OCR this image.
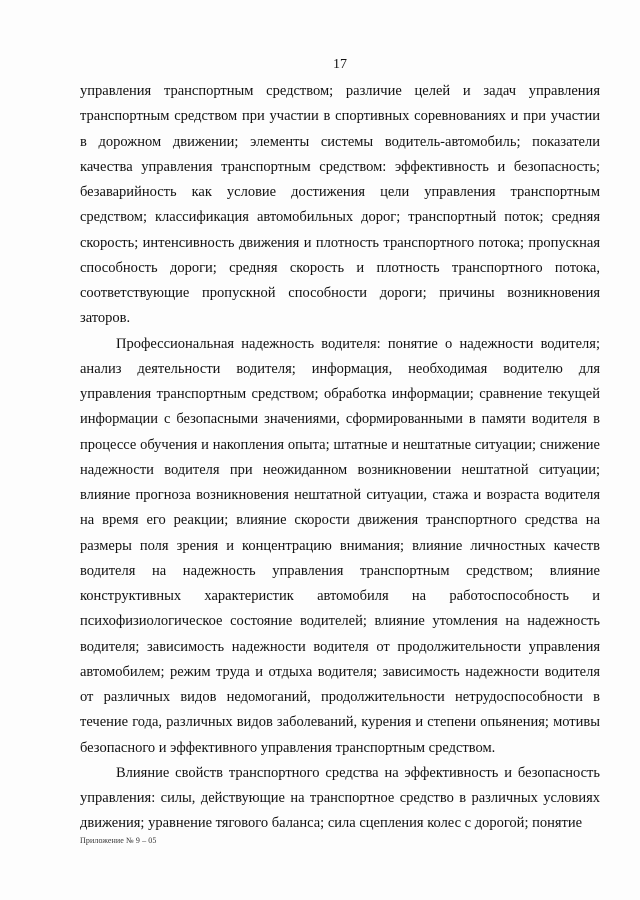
17

управления транспортным средством; различие целей и задач управления транспортным средством при участии в спортивных соревнованиях и при участии в дорожном движении; элементы системы водитель-автомобиль; показатели качества управления транспортным средством: эффективность и безопасность; безаварийность как условие достижения цели управления транспортным средством; классификация автомобильных дорог; транспортный поток; средняя скорость; интенсивность движения и плотность транспортного потока; пропускная способность дороги; средняя скорость и плотность транспортного потока, соответствующие пропускной способности дороги; причины возникновения заторов.

Профессиональная надежность водителя: понятие о надежности водителя; анализ деятельности водителя; информация, необходимая водителю для управления транспортным средством; обработка информации; сравнение текущей информации с безопасными значениями, сформированными в памяти водителя в процессе обучения и накопления опыта; штатные и нештатные ситуации; снижение надежности водителя при неожиданном возникновении нештатной ситуации; влияние прогноза возникновения нештатной ситуации, стажа и возраста водителя на время его реакции; влияние скорости движения транспортного средства на размеры поля зрения и концентрацию внимания; влияние личностных качеств водителя на надежность управления транспортным средством; влияние конструктивных характеристик автомобиля на работоспособность и психофизиологическое состояние водителей; влияние утомления на надежность водителя; зависимость надежности водителя от продолжительности управления автомобилем; режим труда и отдыха водителя; зависимость надежности водителя от различных видов недомоганий, продолжительности нетрудоспособности в течение года, различных видов заболеваний, курения и степени опьянения; мотивы безопасного и эффективного управления транспортным средством.

Влияние свойств транспортного средства на эффективность и безопасность управления: силы, действующие на транспортное средство в различных условиях движения; уравнение тягового баланса; сила сцепления колес с дорогой; понятие

Приложение № 9 – 05
